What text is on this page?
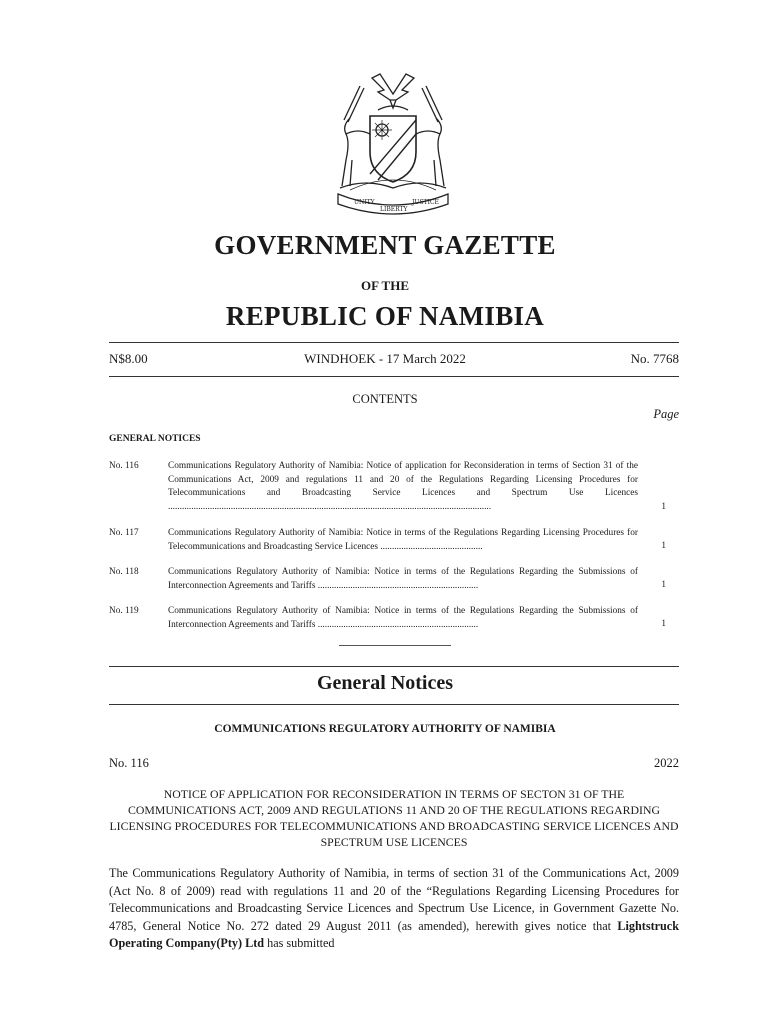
UNITY
LIBERTY
JUSTICE
GOVERNMENT GAZETTE
OF THE
REPUBLIC OF NAMIBIA
N$8.00	WINDHOEK - 17 March 2022	No. 7768
CONTENTS
Page
GENERAL NOTICES
No. 116	Communications Regulatory Authority of Namibia: Notice of application for Reconsideration in terms of Section 31 of the Communications Act, 2009 and regulations 11 and 20 of the Regulations Regarding Licensing Procedures for Telecommunications and Broadcasting Service Licences and Spectrum Use Licences ...........................................................................................................................................	1
No. 117	Communications Regulatory Authority of Namibia: Notice in terms of the Regulations Regarding Licensing Procedures for Telecommunications and Broadcasting Service Licences ............................................	1
No. 118	Communications Regulatory Authority of Namibia: Notice in terms of the Regulations Regarding the Submissions of Interconnection Agreements and Tariffs .....................................................................	1
No. 119	Communications Regulatory Authority of Namibia: Notice in terms of the Regulations Regarding the Submissions of Interconnection Agreements and Tariffs .....................................................................	1
General Notices
COMMUNICATIONS REGULATORY AUTHORITY OF NAMIBIA
No. 116	2022
NOTICE OF APPLICATION FOR RECONSIDERATION IN TERMS OF SECTON 31 OF THE COMMUNICATIONS ACT, 2009 AND REGULATIONS 11 AND 20 OF THE REGULATIONS REGARDING LICENSING PROCEDURES FOR TELECOMMUNICATIONS AND BROADCASTING SERVICE LICENCES AND SPECTRUM USE LICENCES

The Communications Regulatory Authority of Namibia, in terms of section 31 of the Communications Act, 2009 (Act No. 8 of 2009) read with regulations 11 and 20 of the “Regulations Regarding Licensing Procedures for Telecommunications and Broadcasting Service Licences and Spectrum Use Licence, in Government Gazette No. 4785, General Notice No. 272 dated 29 August 2011 (as amended), herewith gives notice that Lightstruck Operating Company(Pty) Ltd has submitted
